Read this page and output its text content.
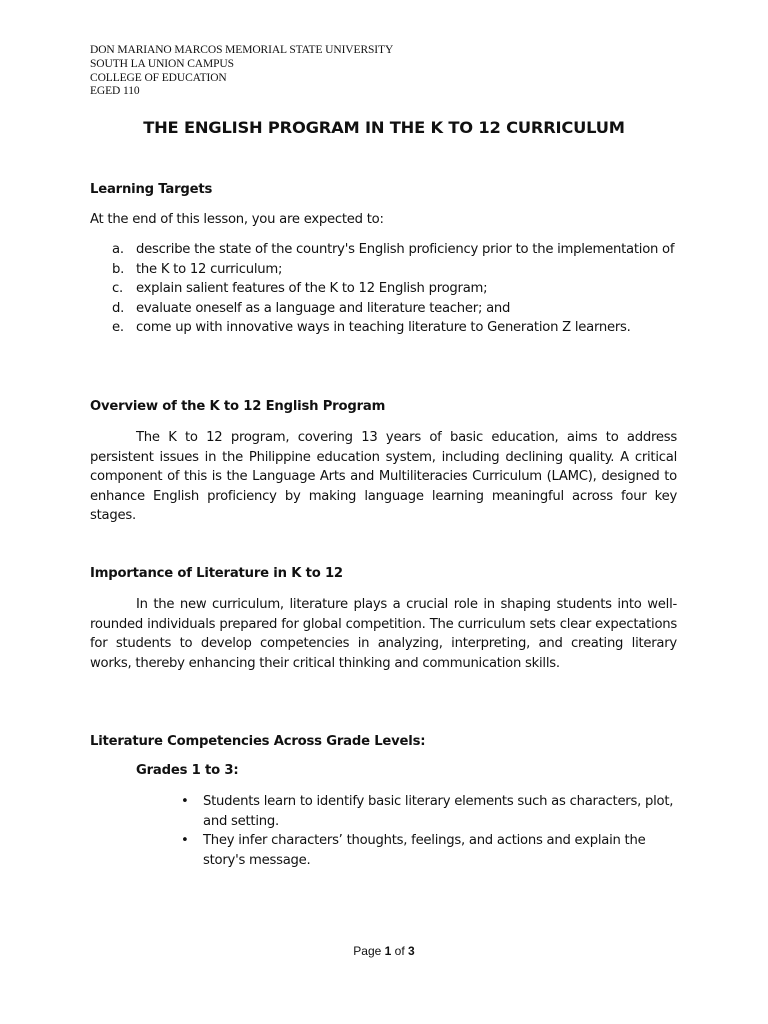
DON MARIANO MARCOS MEMORIAL STATE UNIVERSITY
SOUTH LA UNION CAMPUS
COLLEGE OF EDUCATION
EGED 110
THE ENGLISH PROGRAM IN THE K TO 12 CURRICULUM
Learning Targets
At the end of this lesson, you are expected to:
a. describe the state of the country's English proficiency prior to the implementation of
b. the K to 12 curriculum;
c. explain salient features of the K to 12 English program;
d. evaluate oneself as a language and literature teacher; and
e. come up with innovative ways in teaching literature to Generation Z learners.
Overview of the K to 12 English Program
The K to 12 program, covering 13 years of basic education, aims to address persistent issues in the Philippine education system, including declining quality. A critical component of this is the Language Arts and Multiliteracies Curriculum (LAMC), designed to enhance English proficiency by making language learning meaningful across four key stages.
Importance of Literature in K to 12
In the new curriculum, literature plays a crucial role in shaping students into well-rounded individuals prepared for global competition. The curriculum sets clear expectations for students to develop competencies in analyzing, interpreting, and creating literary works, thereby enhancing their critical thinking and communication skills.
Literature Competencies Across Grade Levels:
Grades 1 to 3:
• Students learn to identify basic literary elements such as characters, plot, and setting.
• They infer characters’ thoughts, feelings, and actions and explain the story's message.
Page 1 of 3
